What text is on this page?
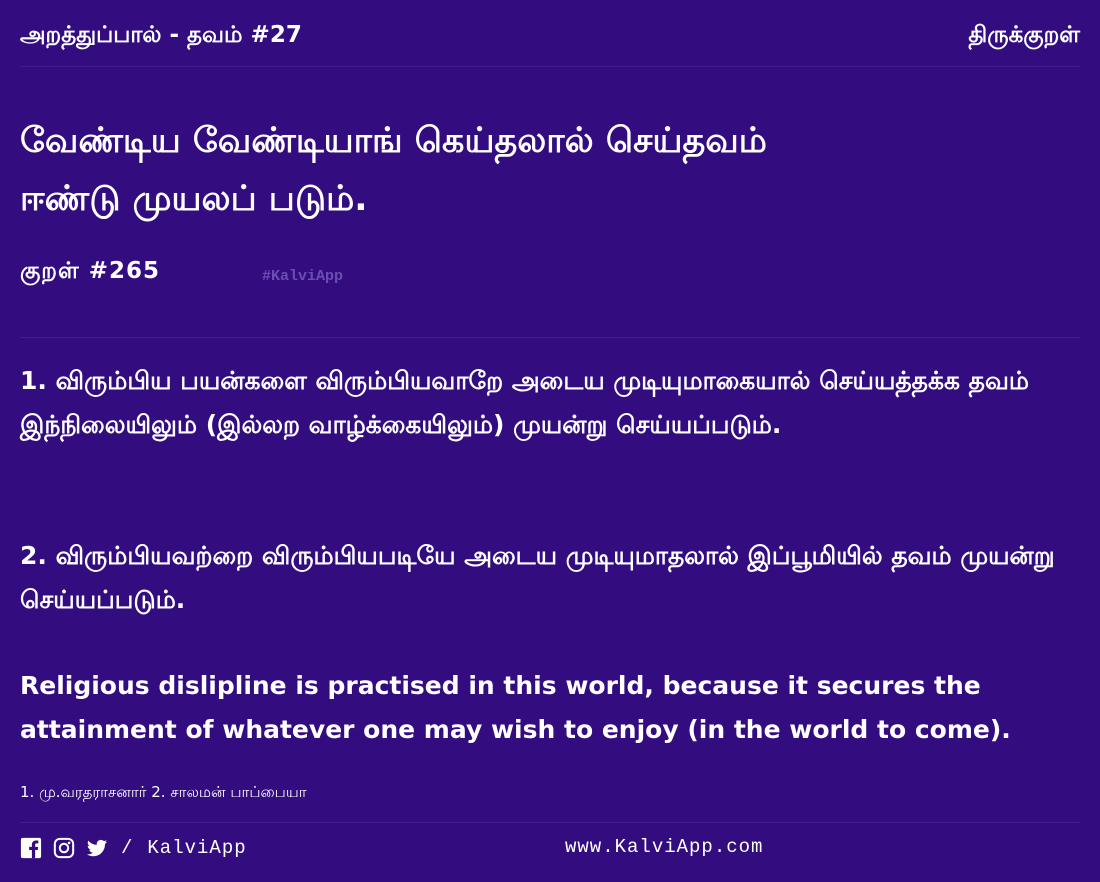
அறத்துப்பால் - தவம் #27	திருக்குறள்
வேண்டிய வேண்டியாங் கெய்தலால் செய்தவம்
ஈண்டு முயலப் படும்.
குறள் #265	#KalviApp
1. விரும்பிய பயன்களை விரும்பியவாறே அடைய முடியுமாகையால் செய்யத்தக்க தவம் இந்நிலையிலும் (இல்லற வாழ்க்கையிலும்) முயன்று செய்யப்படும்.
2. விரும்பியவற்றை விரும்பியபடியே அடைய முடியுமாதலால் இப்பூமியில் தவம் முயன்று செய்யப்படும்.
Religious dislipline is practised in this world, because it secures the attainment of whatever one may wish to enjoy (in the world to come).
1. மு.வரதராசனார் 2. சாலமன் பாப்பையா
/ KalviApp	www.KalviApp.com
